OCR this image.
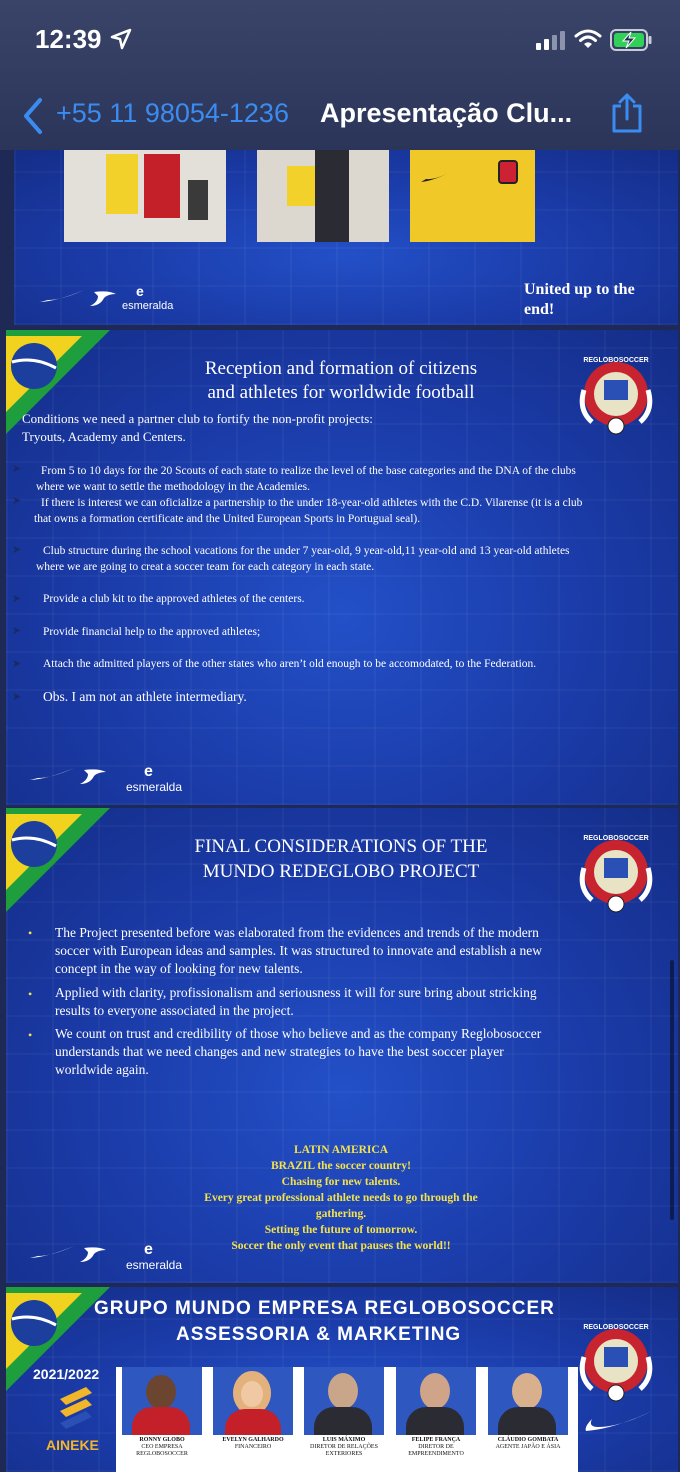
12:39
+55 11 98054-1236 Apresentação Clu...
e
esmeralda
United up to the
end!
Reception and formation of citizens
and athletes for worldwide football
REGLOBOSOCCER
Conditions we need a partner club to fortify the non-profit projects:
Tryouts, Academy and Centers.
➤ From 5 to 10 days for the 20 Scouts of each state to realize the level of the base categories and the DNA of the clubs
where we want to settle the methodology in the Academies.
➤ If there is interest we can oficialize a partnership to the under 18-year-old athletes with the C.D. Vilarense (it is a club
that owns a formation certificate and the United European Sports in Portugual seal).
➤ Club structure during the school vacations for the under 7 year-old, 9 year-old,11 year-old and 13 year-old athletes
where we are going to creat a soccer team for each category in each state.
➤ Provide a club kit to the approved athletes of the centers.
➤ Provide financial help to the approved athletes;
➤ Attach the admitted players of the other states who aren’t old enough to be accomodated, to the Federation.
➤ Obs. I am not an athlete intermediary.
e
esmeralda
FINAL CONSIDERATIONS OF THE
MUNDO REDEGLOBO PROJECT
REGLOBOSOCCER
• The Project presented before was elaborated from the evidences and trends of the modern
soccer with European ideas and samples. It was structured to innovate and establish a new
concept in the way of looking for new talents.
• Applied with clarity, profissionalism and seriousness it will for sure bring about stricking
results to everyone associated in the project.
• We count on trust and credibility of those who believe and as the company Reglobosoccer
understands that we need changes and new strategies to have the best soccer player
worldwide again.
LATIN AMERICA
BRAZIL the soccer country!
Chasing for new talents.
Every great professional athlete needs to go through the
gathering.
Setting the future of tomorrow.
Soccer the only event that pauses the world!!
e
esmeralda
GRUPO MUNDO EMPRESA REGLOBOSOCCER
ASSESSORIA & MARKETING	REGLOBOSOCCER
2021/2022
AINEKE	RONNY GLOBO
CEO EMPRESA REGLOBOSOCCER
EVELYN GALHARDO
FINANCEIRO
LUIS MÁXIMO
DIRETOR DE RELAÇÕES EXTERIORES
FELIPE FRANÇA
DIRETOR DE EMPREENDIMENTO
CLÁUDIO GOMBATA
AGENTE JAPÃO E ÁSIA
